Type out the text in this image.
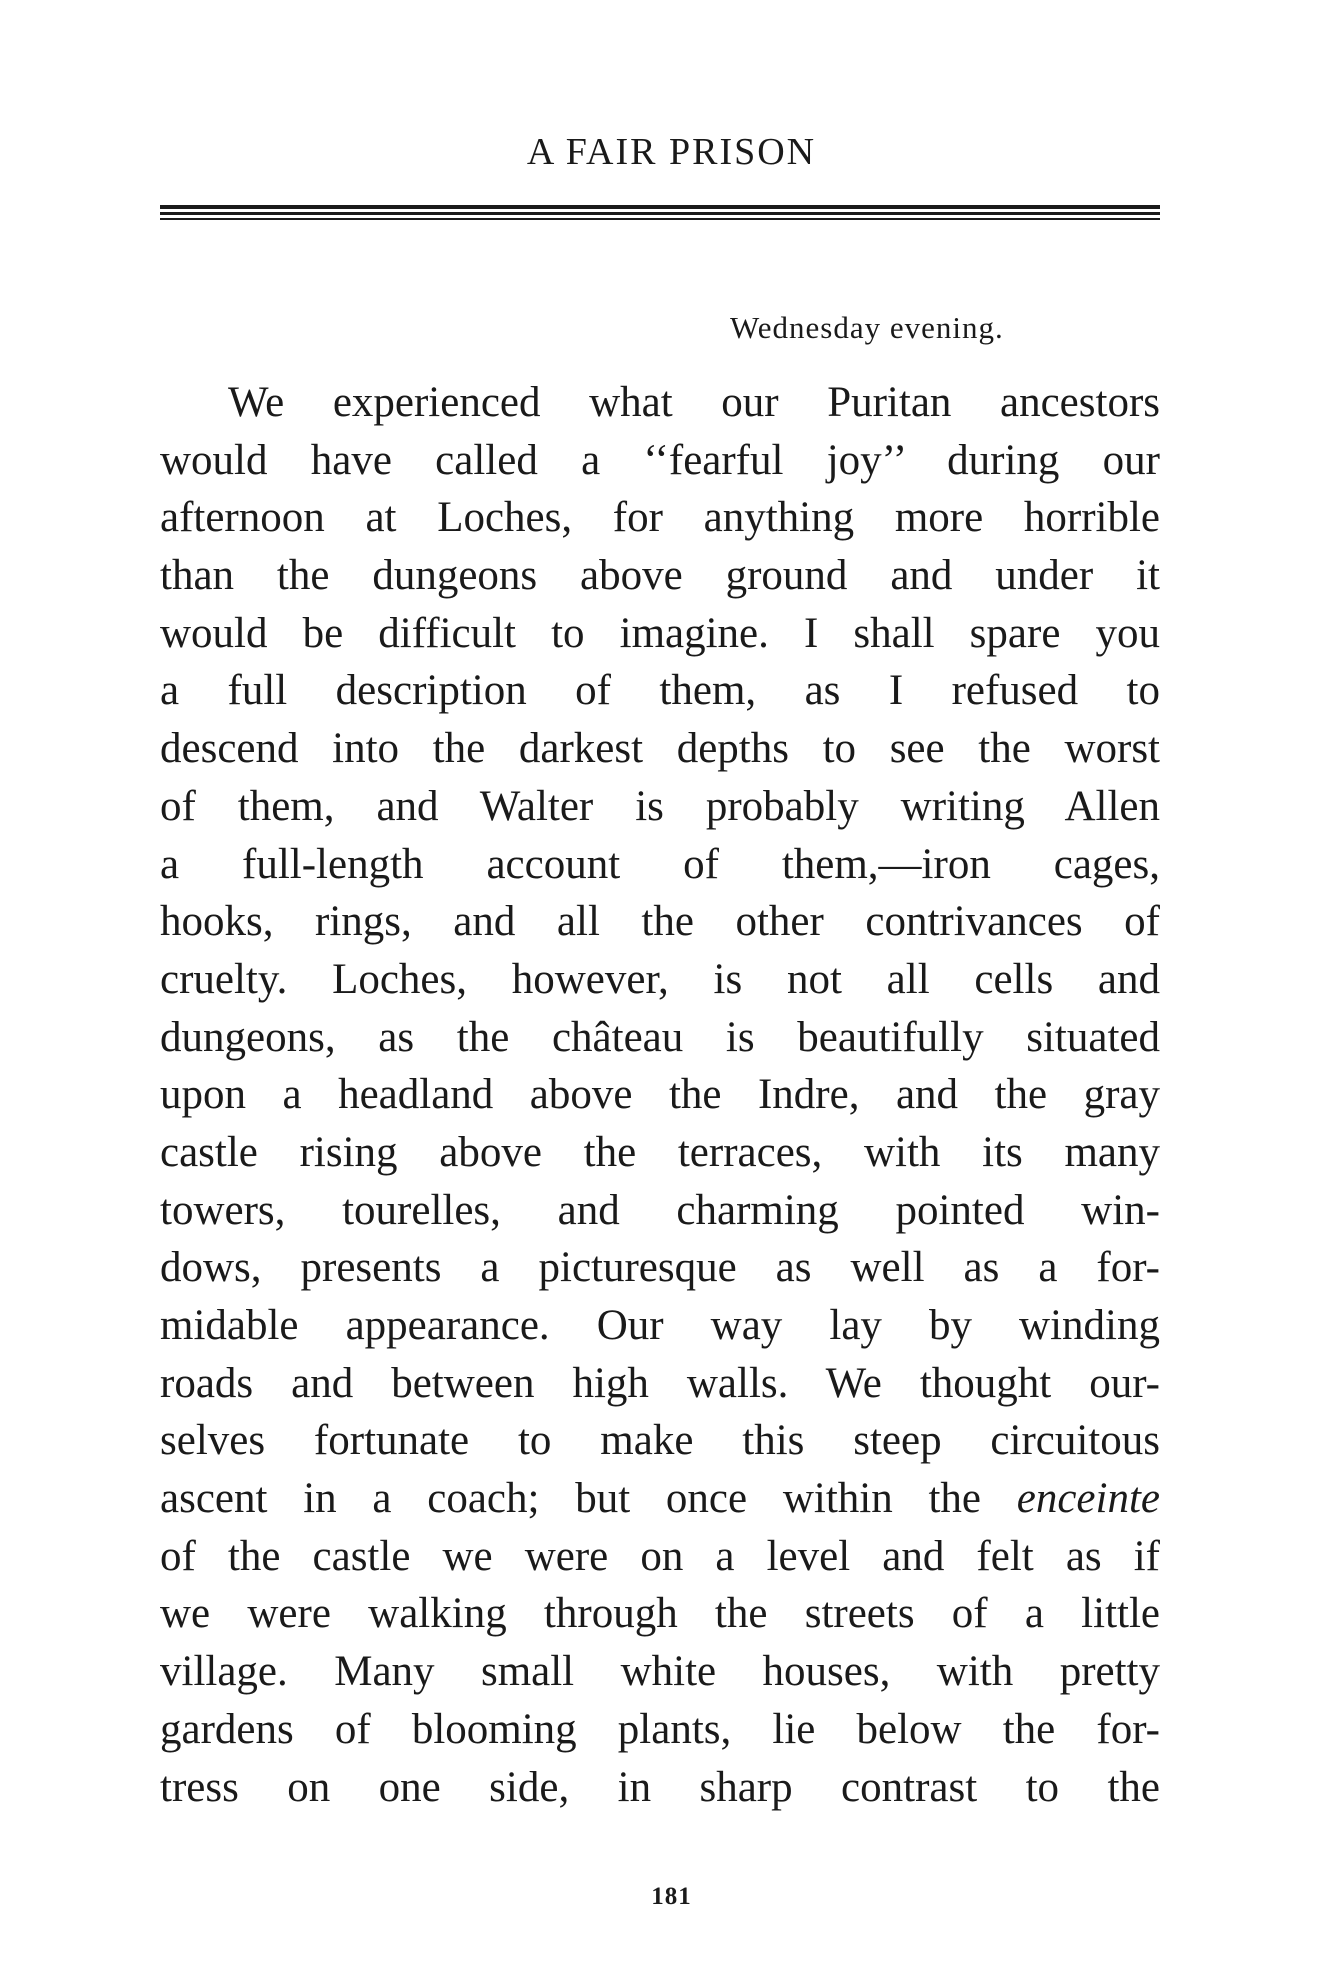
A FAIR PRISON
Wednesday evening.
We experienced what our Puritan ancestors
would have called a ‘‘fearful joy’’ during our
afternoon at Loches, for anything more horrible
than the dungeons above ground and under it
would be difficult to imagine. I shall spare you
a full description of them, as I refused to
descend into the darkest depths to see the worst
of them, and Walter is probably writing Allen
a full-length account of them,—iron cages,
hooks, rings, and all the other contrivances of
cruelty. Loches, however, is not all cells and
dungeons, as the château is beautifully situated
upon a headland above the Indre, and the gray
castle rising above the terraces, with its many
towers, tourelles, and charming pointed win-
dows, presents a picturesque as well as a for-
midable appearance. Our way lay by winding
roads and between high walls. We thought our-
selves fortunate to make this steep circuitous
ascent in a coach; but once within the enceinte
of the castle we were on a level and felt as if
we were walking through the streets of a little
village. Many small white houses, with pretty
gardens of blooming plants, lie below the for-
tress on one side, in sharp contrast to the
181
